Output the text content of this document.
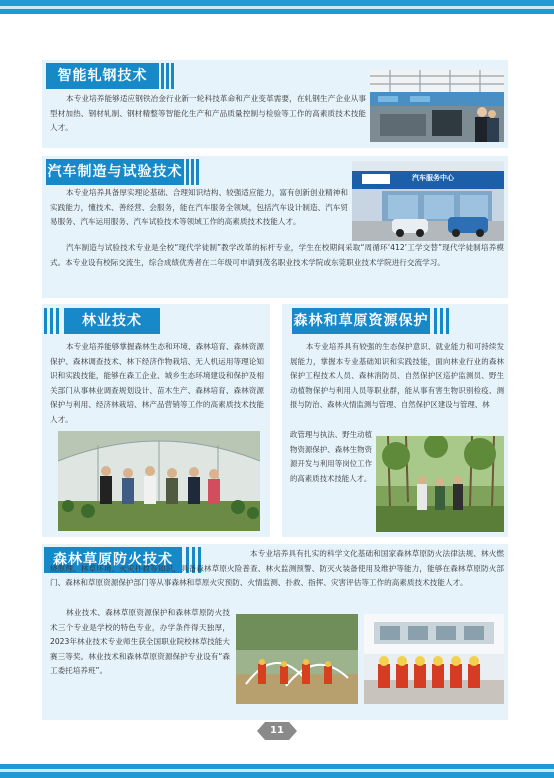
智能轧钢技术
本专业培养能够适应钢铁冶金行业新一轮科技革命和产业变革需要，在轧钢生产企业从事型材加热、钢材轧制、钢材精整等智能化生产和产品质量控制与检验等工作的高素质技术技能人才。
汽车制造与试验技术	汽车服务中心
本专业培养具备厚实理论基础、合理知识结构、较强适应能力，富有创新创业精神和实践能力，懂技术、善经营、会服务，能在汽车服务全领域，包括汽车设计制造、汽车贸易服务、汽车运用服务、汽车试验技术等领域工作的高素质技术技能人才。
汽车制造与试验技术专业是全校“现代学徒制”教学改革的标杆专业，学生在校期间采取“周循环‘412’工学交替”现代学徒制培养模式。本专业设有校际交流生，综合成绩优秀者在二年级可申请到茂名职业技术学院或东莞职业技术学院进行交流学习。
林业技术
本专业培养能够掌握森林生态和环境、森林培育、森林资源保护、森林调查技术、林下经济作物栽培、无人机运用等理论知识和实践技能，能够在森工企业、城乡生态环境建设和保护及相关部门从事林业调查规划设计、苗木生产、森林培育、森林资源保护与利用、经济林栽培、林产品营销等工作的高素质技术技能人才。
森林和草原资源保护
本专业培养具有较强的生态保护意识、就业能力和可持续发展能力，掌握本专业基础知识和实践技能，面向林业行业的森林保护工程技术人员、森林消防员、自然保护区巡护监测员、野生动植物保护与利用人员等职业群，能从事有害生物识别检疫、测报与防治、森林火情监测与管理、自然保护区建设与管理、林
政管理与执法、野生动植物资源保护、森林生物资源开发与利用等岗位工作的高素质技术技能人才。
森林草原防火技术	本专业培养具有扎实的科学文化基础和国家森林草原防火法律法规、林火燃烧原理、林草环境、火灾扑救等知识，具备森林草原火险普查、林火监测预警、防灭火装备使用及维护等能力，能够在森林草原防火部门、森林和草原资源保护部门等从事森林和草原火灾预防、火情监测、扑救、指挥、灾害评估等工作的高素质技术技能人才。
林业技术、森林草原资源保护和森林草原防火技术三个专业是学校的特色专业，办学条件得天独厚，2023年林业技术专业师生获全国职业院校林草技能大赛三等奖。林业技术和森林草原资源保护专业设有“森工委托培养班”。
11
